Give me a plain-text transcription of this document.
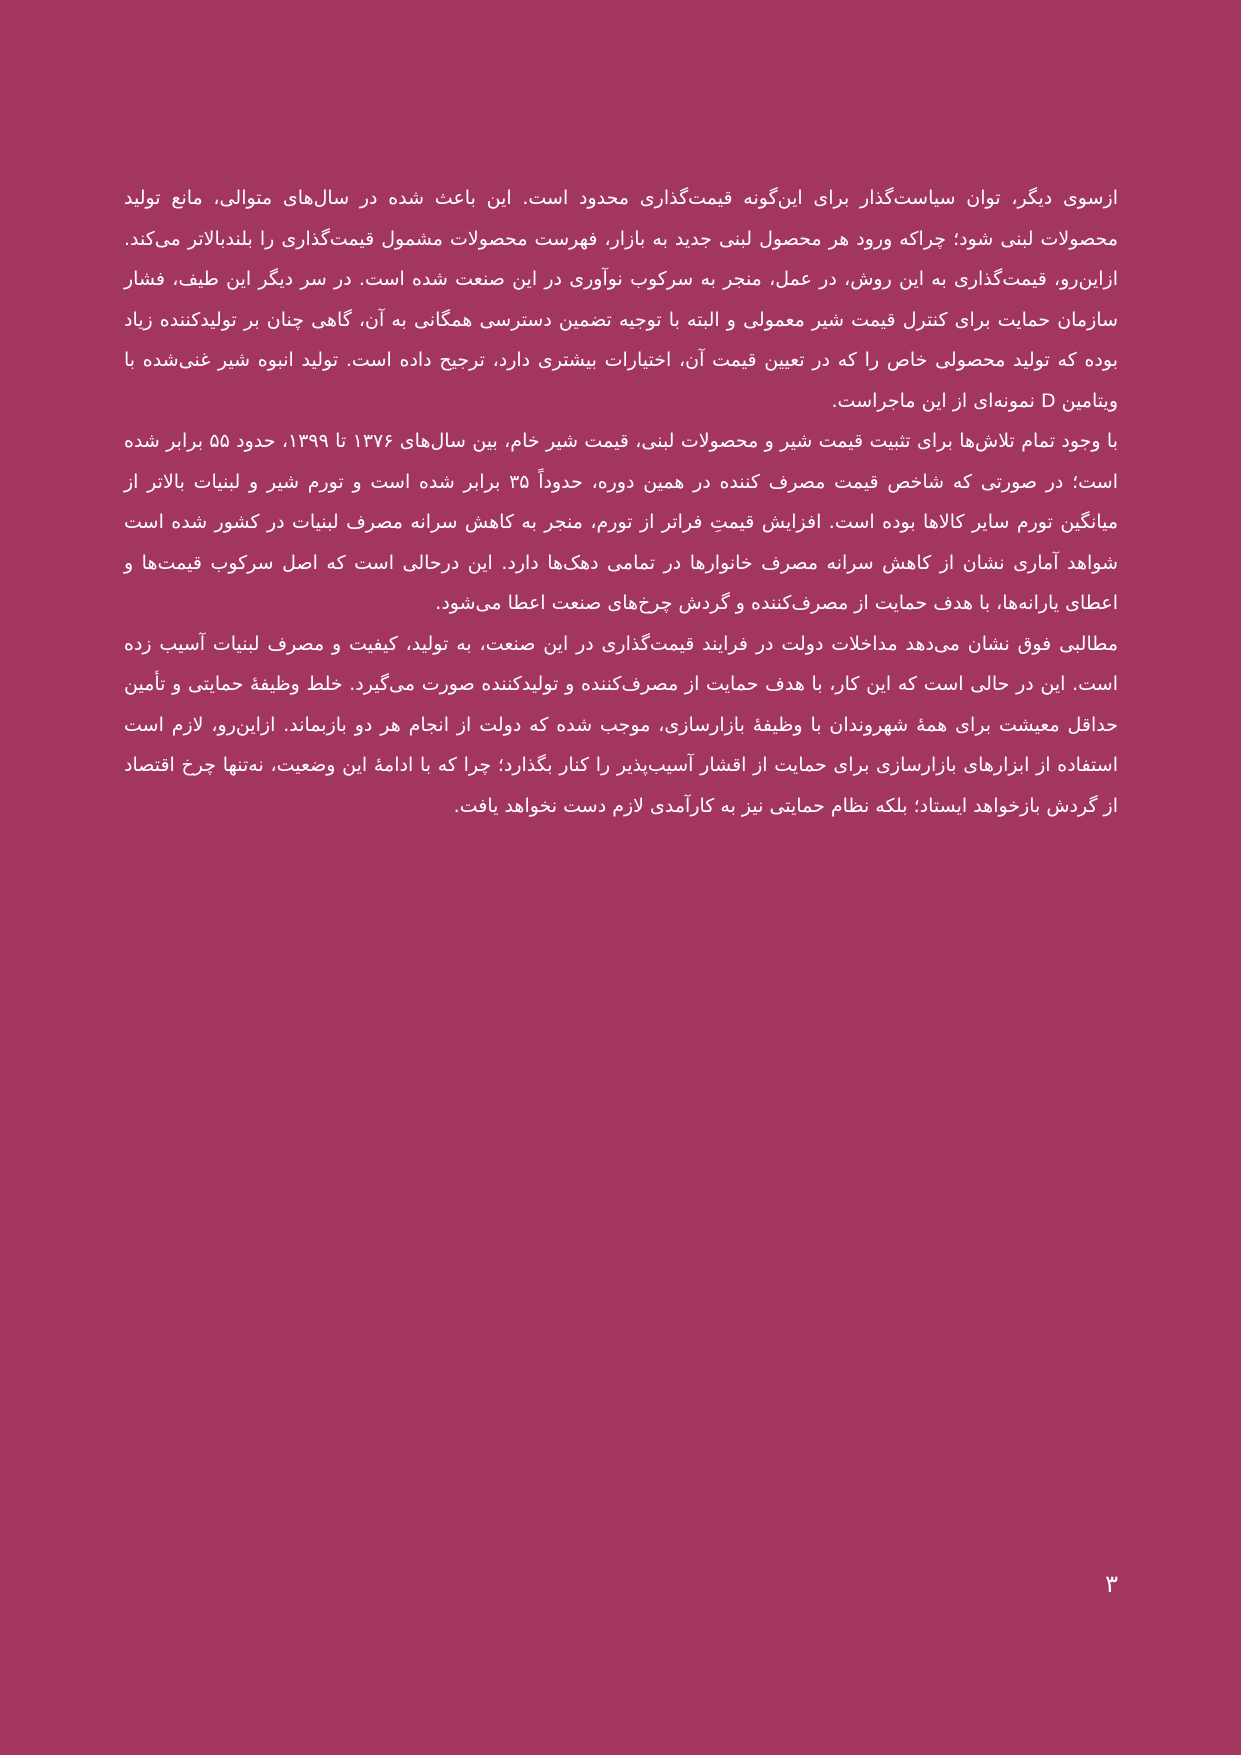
ازسوی دیگر، توان سیاست‌گذار برای این‌گونه قیمت‌گذاری محدود است. این باعث شده در سال‌های متوالی، مانع تولید محصولات لبنی شود؛ چراکه ورود هر محصول لبنی جدید به بازار، فهرست محصولات مشمول قیمت‌گذاری را بلندبالاتر می‌کند. ازاین‌رو، قیمت‌گذاری به این روش، در عمل، منجر به سرکوب نوآوری در این صنعت شده است. در سر دیگر این طیف، فشار سازمان حمایت برای کنترل قیمت شیر معمولی و البته با توجیه تضمین دسترسی همگانی به آن، گاهی چنان بر تولیدکننده زیاد بوده که تولید محصولی خاص را که در تعیین قیمت آن، اختیارات بیشتری دارد، ترجیح داده است. تولید انبوه شیر غنی‌شده با ویتامین D نمونه‌ای از این ماجراست.

با وجود تمام تلاش‌ها برای تثبیت قیمت شیر و محصولات لبنی، قیمت شیر خام، بین سال‌های ۱۳۷۶ تا ۱۳۹۹، حدود ۵۵ برابر شده است؛ در صورتی که شاخص قیمت مصرف کننده در همین دوره، حدوداً ۳۵ برابر شده است و تورم شیر و لبنیات بالاتر از میانگین تورم سایر کالاها بوده است. افزایش قیمتِ فراتر از تورم، منجر به کاهش سرانه مصرف لبنیات در کشور شده است شواهد آماری نشان از کاهش سرانه مصرف خانوارها در تمامی دهک‌ها دارد. این درحالی است که اصل سرکوب قیمت‌ها و اعطای یارانه‌ها، با هدف حمایت از مصرف‌کننده و گردش چرخ‌های صنعت اعطا می‌شود.

مطالبی فوق نشان می‌دهد مداخلات دولت در فرایند قیمت‌گذاری در این صنعت، به تولید، کیفیت و مصرف لبنیات آسیب زده است. این در حالی است که این کار، با هدف حمایت از مصرف‌کننده و تولیدکننده صورت می‌گیرد. خلط وظیفهٔ حمایتی و تأمین حداقل معیشت برای همهٔ شهروندان با وظیفهٔ بازارسازی، موجب شده که دولت از انجام هر دو بازبماند. ازاین‌رو، لازم است استفاده از ابزارهای بازارسازی برای حمایت از اقشار آسیب‌پذیر را کنار بگذارد؛ چرا که با ادامهٔ این وضعیت، نه‌تنها چرخ اقتصاد از گردش بازخواهد ایستاد؛ بلکه نظام حمایتی نیز به کارآمدی لازم دست نخواهد یافت.

۳
